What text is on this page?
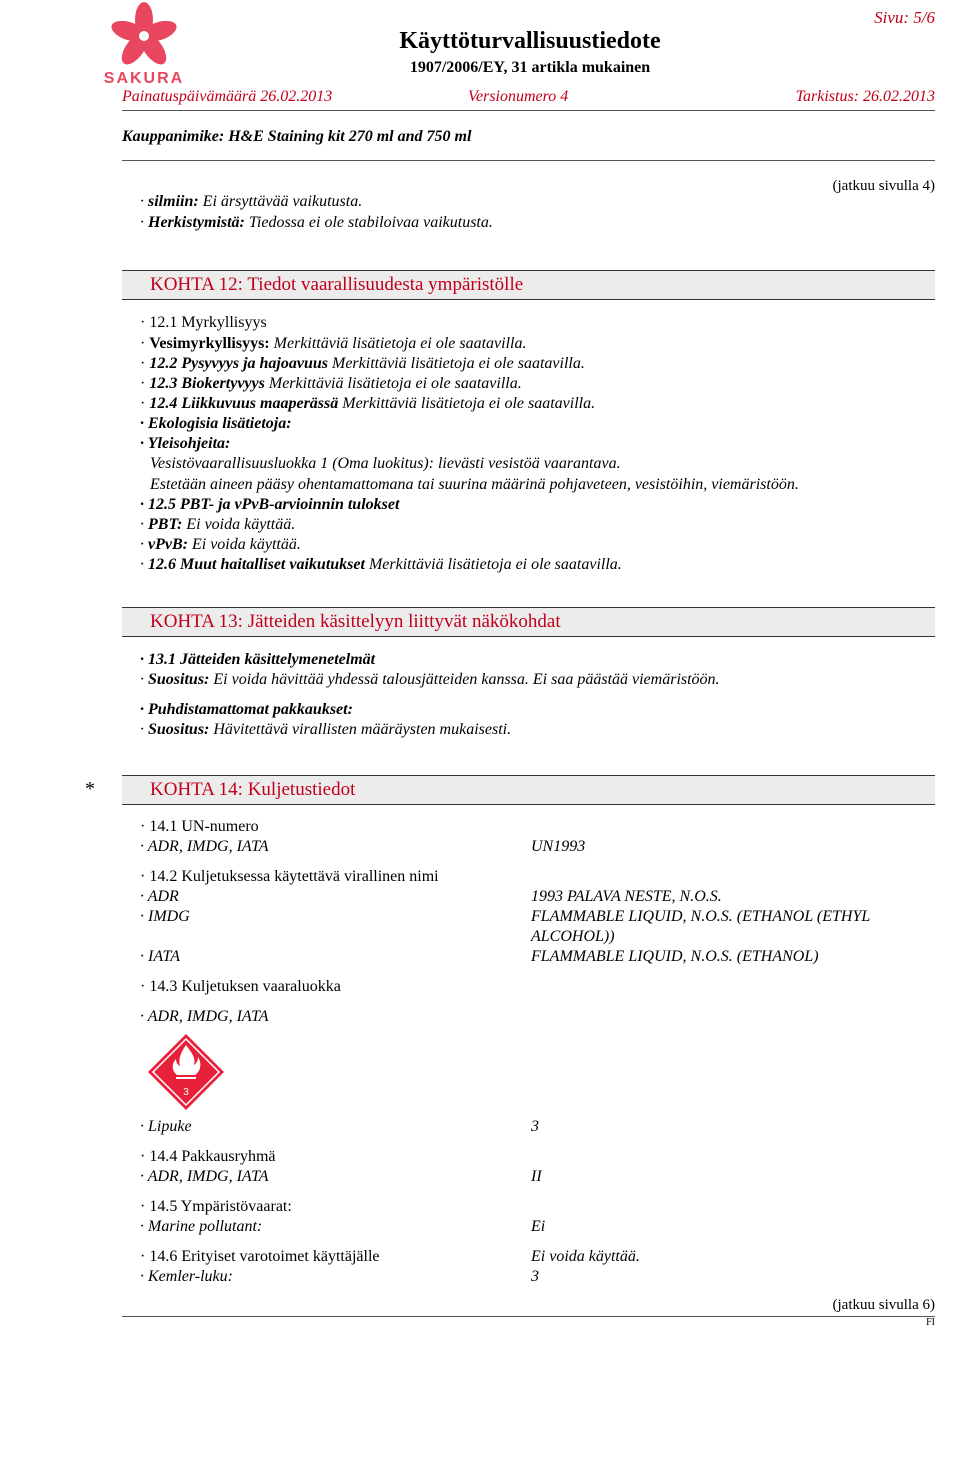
SAKURA
Käyttöturvallisuustiedote
1907/2006/EY, 31 artikla mukainen
Sivu: 5/6
Painatuspäivämäärä 26.02.2013	Versionumero 4	Tarkistus: 26.02.2013
Kauppanimike: H&E Staining kit 270 ml and 750 ml
(jatkuu sivulla 4)
· silmiin: Ei ärsyttävää vaikutusta.
· Herkistymistä: Tiedossa ei ole stabiloivaa vaikutusta.
KOHTA 12: Tiedot vaarallisuudesta ympäristölle
· 12.1 Myrkyllisyys
· Vesimyrkyllisyys: Merkittäviä lisätietoja ei ole saatavilla.
· 12.2 Pysyvyys ja hajoavuus Merkittäviä lisätietoja ei ole saatavilla.
· 12.3 Biokertyvyys Merkittäviä lisätietoja ei ole saatavilla.
· 12.4 Liikkuvuus maaperässä Merkittäviä lisätietoja ei ole saatavilla.
· Ekologisia lisätietoja:
· Yleisohjeita:
Vesistövaarallisuusluokka 1 (Oma luokitus): lievästi vesistöä vaarantava.
Estetään aineen pääsy ohentamattomana tai suurina määrinä pohjaveteen, vesistöihin, viemäristöön.
· 12.5 PBT- ja vPvB-arvioinnin tulokset
· PBT: Ei voida käyttää.
· vPvB: Ei voida käyttää.
· 12.6 Muut haitalliset vaikutukset Merkittäviä lisätietoja ei ole saatavilla.
KOHTA 13: Jätteiden käsittelyyn liittyvät näkökohdat
· 13.1 Jätteiden käsittelymenetelmät
· Suositus: Ei voida hävittää yhdessä talousjätteiden kanssa. Ei saa päästää viemäristöön.
· Puhdistamattomat pakkaukset:
· Suositus: Hävitettävä virallisten määräysten mukaisesti.
*	KOHTA 14: Kuljetustiedot
· 14.1 UN-numero
· ADR, IMDG, IATA	UN1993
· 14.2 Kuljetuksessa käytettävä virallinen nimi
· ADR	1993 PALAVA NESTE, N.O.S.
· IMDG	FLAMMABLE LIQUID, N.O.S. (ETHANOL (ETHYL
ALCOHOL))
· IATA	FLAMMABLE LIQUID, N.O.S. (ETHANOL)
· 14.3 Kuljetuksen vaaraluokka
· ADR, IMDG, IATA
3
· Lipuke	3
· 14.4 Pakkausryhmä
· ADR, IMDG, IATA	II
· 14.5 Ympäristövaarat:
· Marine pollutant:	Ei
· 14.6 Erityiset varotoimet käyttäjälle	Ei voida käyttää.
· Kemler-luku:	3
(jatkuu sivulla 6)
FI
